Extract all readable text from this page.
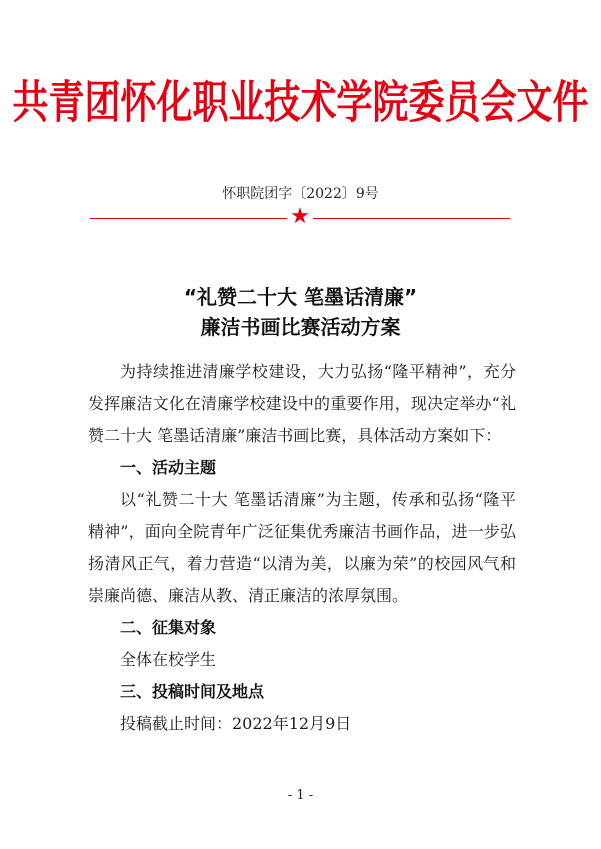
共青团怀化职业技术学院委员会文件
怀职院团字〔2022〕9号
★
“礼赞二十大 笔墨话清廉”
廉洁书画比赛活动方案

为持续推进清廉学校建设，大力弘扬“隆平精神”，充分发挥廉洁文化在清廉学校建设中的重要作用，现决定举办“礼赞二十大 笔墨话清廉”廉洁书画比赛，具体活动方案如下：

一、活动主题

以“礼赞二十大 笔墨话清廉”为主题，传承和弘扬“隆平精神”，面向全院青年广泛征集优秀廉洁书画作品，进一步弘扬清风正气，着力营造“以清为美，以廉为荣”的校园风气和崇廉尚德、廉洁从教、清正廉洁的浓厚氛围。

二、征集对象

全体在校学生

三、投稿时间及地点

投稿截止时间：2022年12月9日

- 1 -
